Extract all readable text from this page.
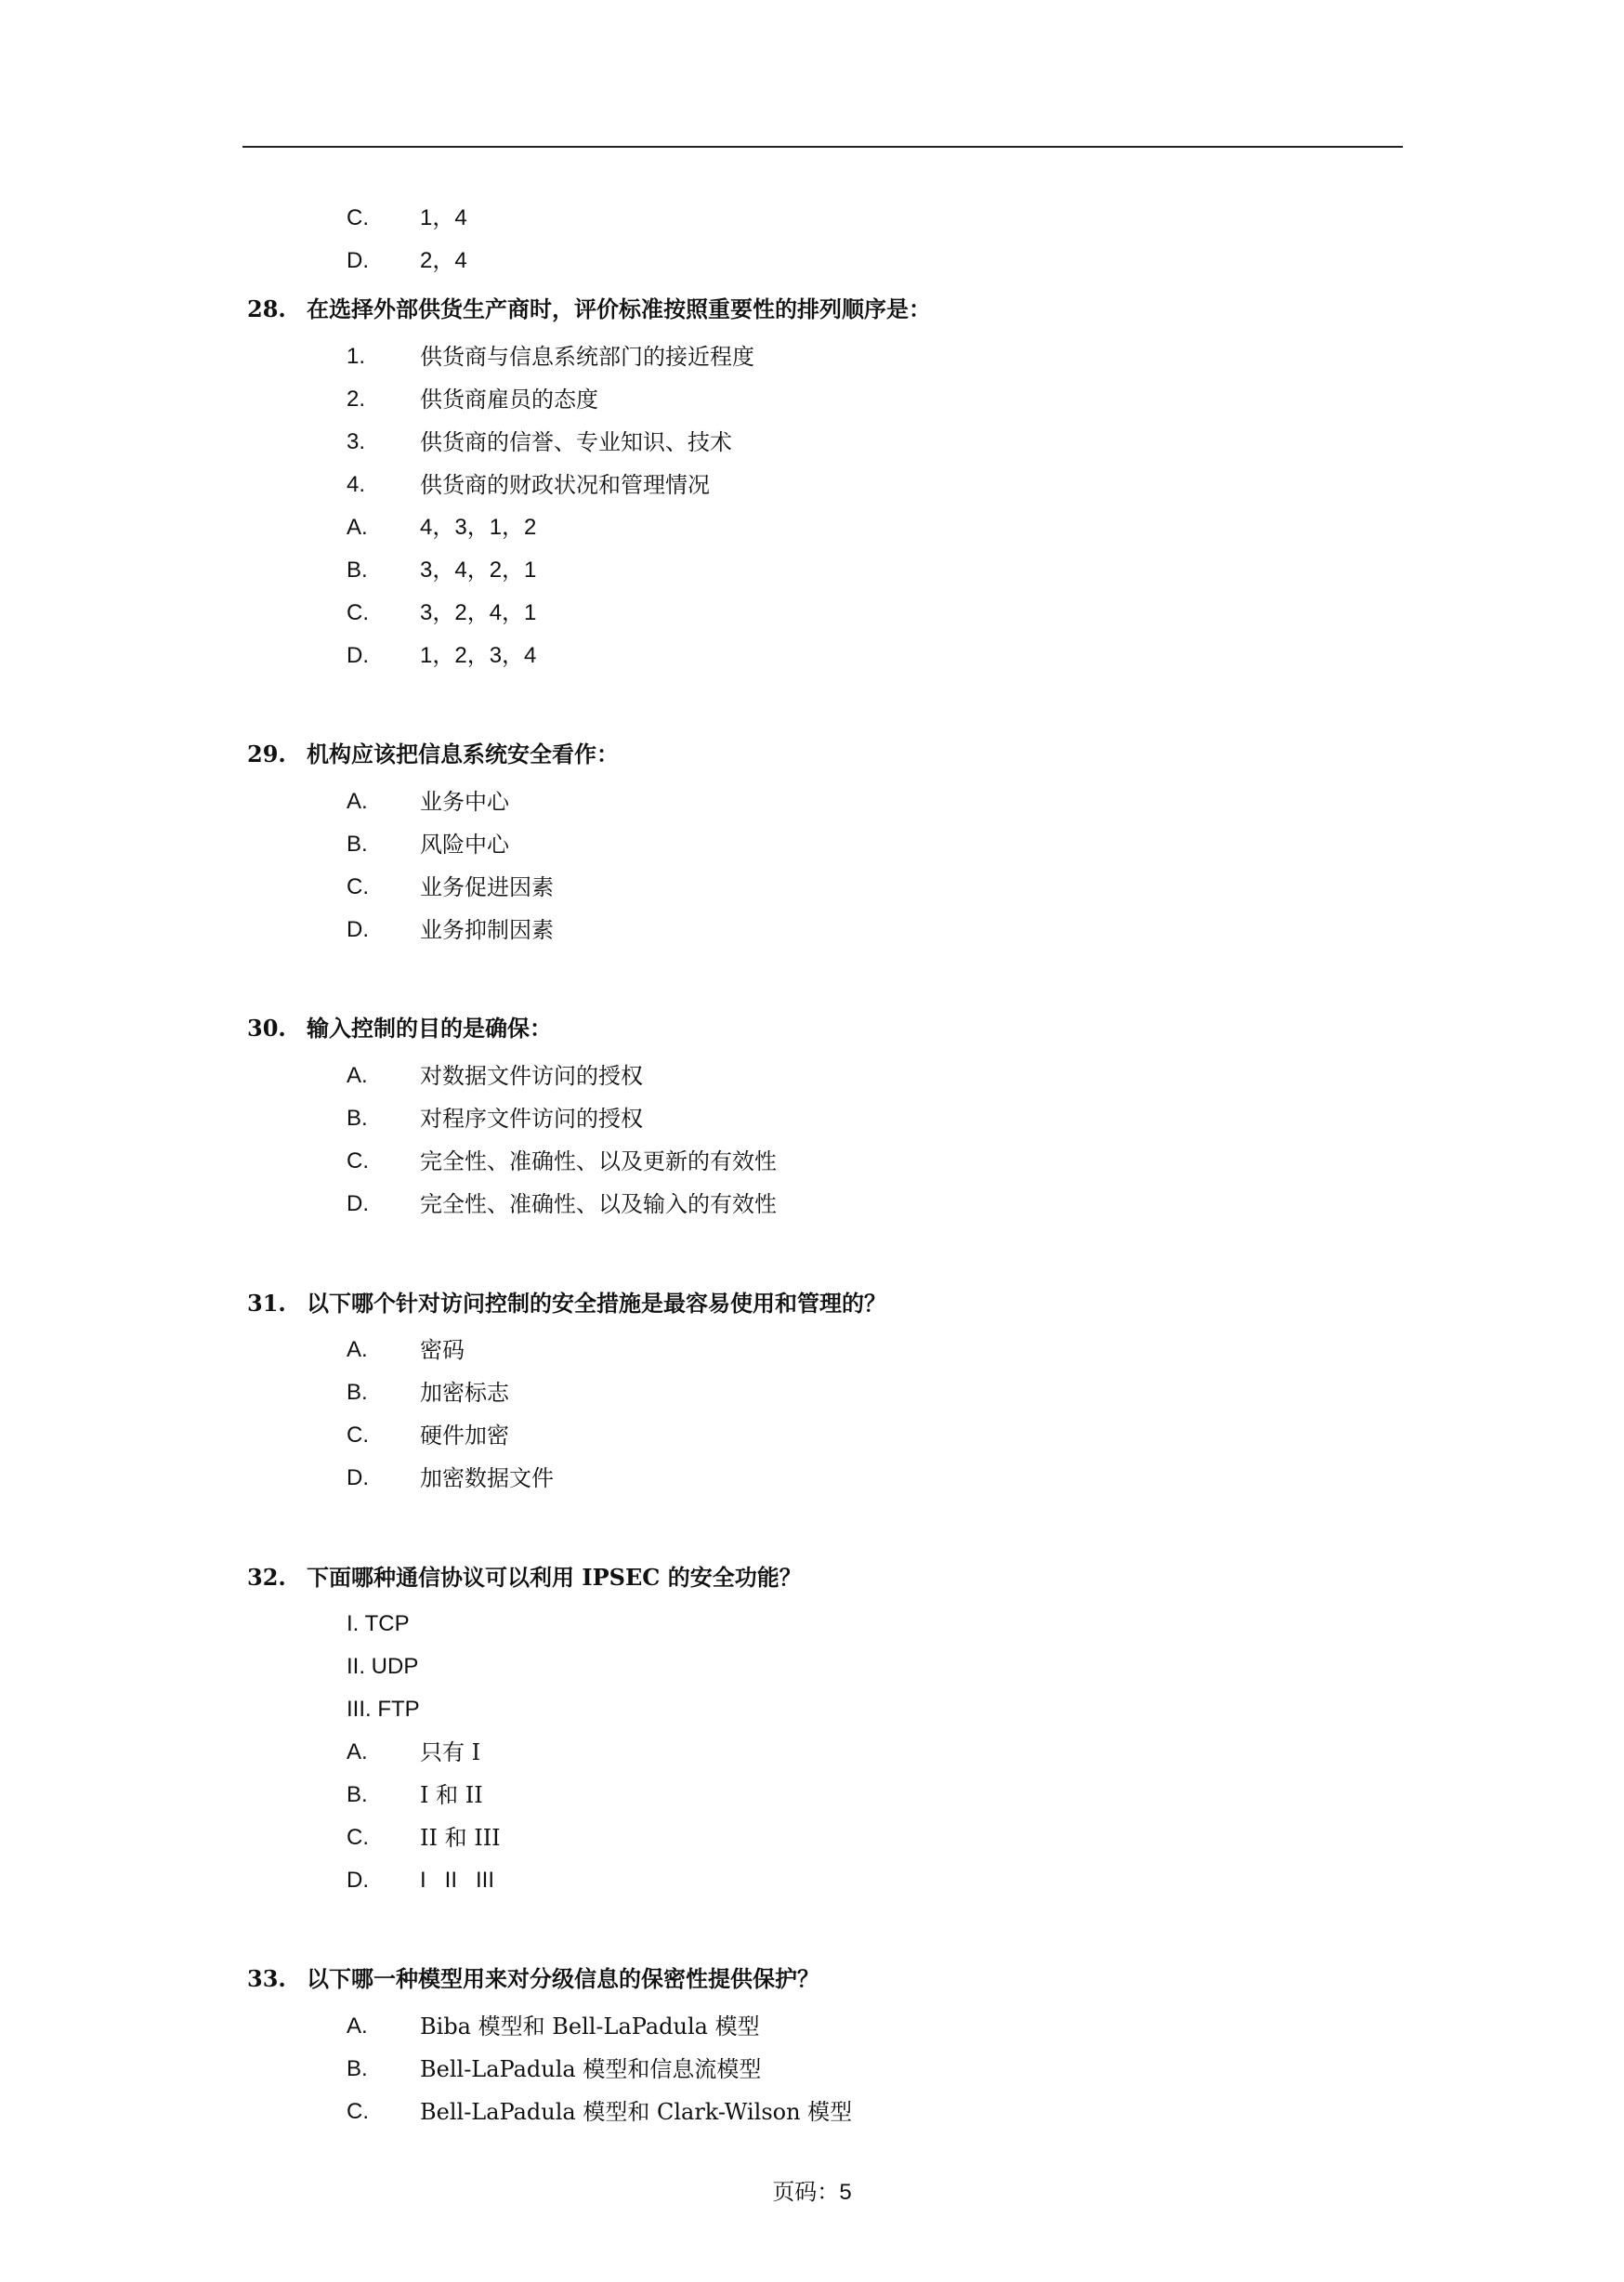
C. 1，4
D. 2，4
28. 在选择外部供货生产商时，评价标准按照重要性的排列顺序是：
1. 供货商与信息系统部门的接近程度
2. 供货商雇员的态度
3. 供货商的信誉、专业知识、技术
4. 供货商的财政状况和管理情况
A. 4，3，1，2
B. 3，4，2，1
C. 3，2，4，1
D. 1，2，3，4
29. 机构应该把信息系统安全看作：
A. 业务中心
B. 风险中心
C. 业务促进因素
D. 业务抑制因素
30. 输入控制的目的是确保：
A. 对数据文件访问的授权
B. 对程序文件访问的授权
C. 完全性、准确性、以及更新的有效性
D. 完全性、准确性、以及输入的有效性
31. 以下哪个针对访问控制的安全措施是最容易使用和管理的？
A. 密码
B. 加密标志
C. 硬件加密
D. 加密数据文件
32. 下面哪种通信协议可以利用 IPSEC 的安全功能？
I. TCP
II. UDP
III. FTP
A. 只有 I
B. I 和 II
C. II 和 III
D. I   II   III
33. 以下哪一种模型用来对分级信息的保密性提供保护？
A. Biba 模型和 Bell-LaPadula 模型
B. Bell-LaPadula 模型和信息流模型
C. Bell-LaPadula 模型和 Clark-Wilson 模型
页码：5
